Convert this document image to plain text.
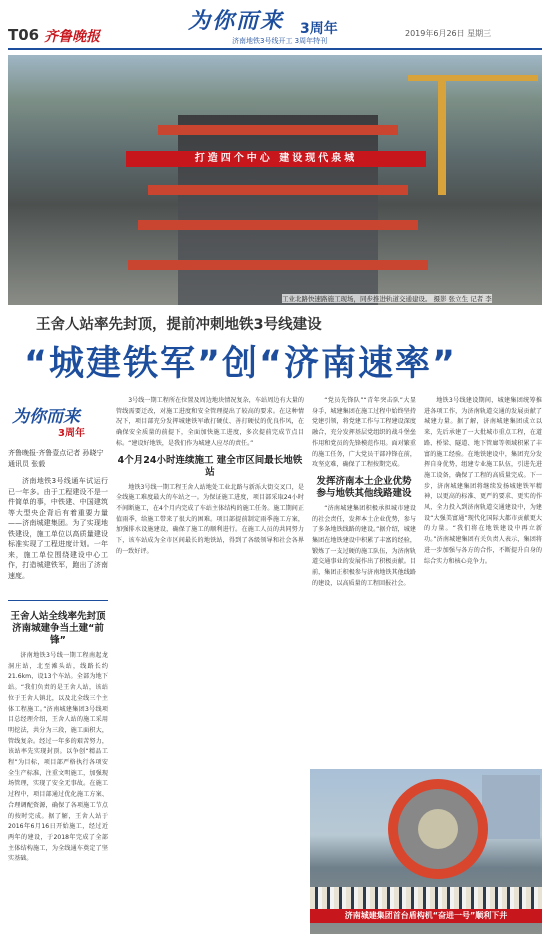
T06 齐鲁晚报
为你而来 3周年
济南地铁3号线开工 3周年特刊
2019年6月26日 星期三
打造四个中心 建设现代泉城
工业北路快速路施工现场，同步推进轨道交通建设。 摄影 张立生 记者 李
王舍人站率先封顶，提前冲刺地铁3号线建设
“城建铁军”创“济南速率”
为你而来
3周年
齐鲁晚报·齐鲁壹点记者 孙晓宁
通讯员 张毅

济南地铁3号线通车试运行已一年多。由于工程建设不是一件简单的事，中铁建、中国建筑等大型央企背后有着重要力量——济南城建集团。为了实现地铁建设，施工单位以高质量建设标准实现了工程进度计划。一年来，施工单位围绕建设中心工作，打造城建铁军，跑出了济南速度。

王舍人站全线率先封顶 济南城建争当土建“前锋”

济南地铁3号线一期工程南起龙洞庄站，北至滩头站，线路长约21.6km，设13个车站。全部为地下站。“我们负责的是王舍人站，该站位于王舍人镇北，以及北全线三个主体工程施工。”济南城建集团3号线项目总经理介绍，王舍人站的施工采用明挖法，共分为三段，施工面积大，管线复杂。经过一年多的艰苦努力，该站率先实现封顶。以争创“精品工程”为目标，项目部严格执行各项安全生产标准，注重文明施工，加强现场管理，实现了安全无事故。在施工过程中，项目部通过优化施工方案、合理调配资源，确保了各项施工节点的按时完成。据了解，王舍人站于2016年6月16日开始施工，经过近两年的建设，于2018年完成了全部主体结构施工，为全线通车奠定了坚实基础。

3号线一期工程所在位置及周边地块情况复杂，车站周边有大量的管线需要迁改，对施工进度和安全管理提出了较高的要求。在这种情况下，项目部充分发挥城建铁军敢打硬仗、善打硬仗的优良作风，在确保安全质量的前提下，全面加快施工进度，多次提前完成节点目标。“建设好地铁，是我们作为城建人应尽的责任。”

4个月24小时连续施工 建全市区间最长地铁站

地铁3号线一期工程王舍人站地处工业北路与新泺大街交叉口，是全线施工难度最大的车站之一。为保证施工进度，项目部采取24小时不间断施工，在4个月内完成了车站主体结构的施工任务。施工期间正值雨季，给施工带来了很大的困难。项目部提前制定雨季施工方案，加强排水设施建设，确保了施工的顺利进行。在施工人员的共同努力下，该车站成为全市区间最长的地铁站，得到了各级领导和社会各界的一致好评。

“党员先锋队”“青年突击队”大显身手，城建集团在施工过程中始终坚持党建引领，将党建工作与工程建设深度融合，充分发挥基层党组织的战斗堡垒作用和党员的先锋模范作用。面对繁重的施工任务，广大党员干部冲锋在前，攻坚克难，确保了工程按期完成。

发挥济南本土企业优势 参与地铁其他线路建设

“济南城建集团积极承担城市建设的社会责任，发挥本土企业优势，参与了多条地铁线路的建设。”据介绍，城建集团在地铁建设中积累了丰富的经验，锻炼了一支过硬的施工队伍，为济南轨道交通事业的发展作出了积极贡献。目前，集团正积极参与济南地铁其他线路的建设，以高质量的工程回报社会。

地铁3号线建设期间，城建集团统筹推进各项工作，为济南轨道交通的发展贡献了城建力量。据了解，济南城建集团成立以来，先后承建了一大批城市重点工程，在道路、桥梁、隧道、地下管廊等领域积累了丰富的施工经验。在地铁建设中，集团充分发挥自身优势，组建专业施工队伍，引进先进施工设备，确保了工程的高质量完成。下一步，济南城建集团将继续发扬城建铁军精神，以更高的标准、更严的要求、更实的作风，全力投入到济南轨道交通建设中，为建设“大强美富通”现代化国际大都市贡献更大的力量。“我们将在地铁建设中再立新功。”济南城建集团有关负责人表示，集团将进一步加强与各方的合作，不断提升自身的综合实力和核心竞争力。

济南城建集团首台盾构机“奋进一号”顺利下井
